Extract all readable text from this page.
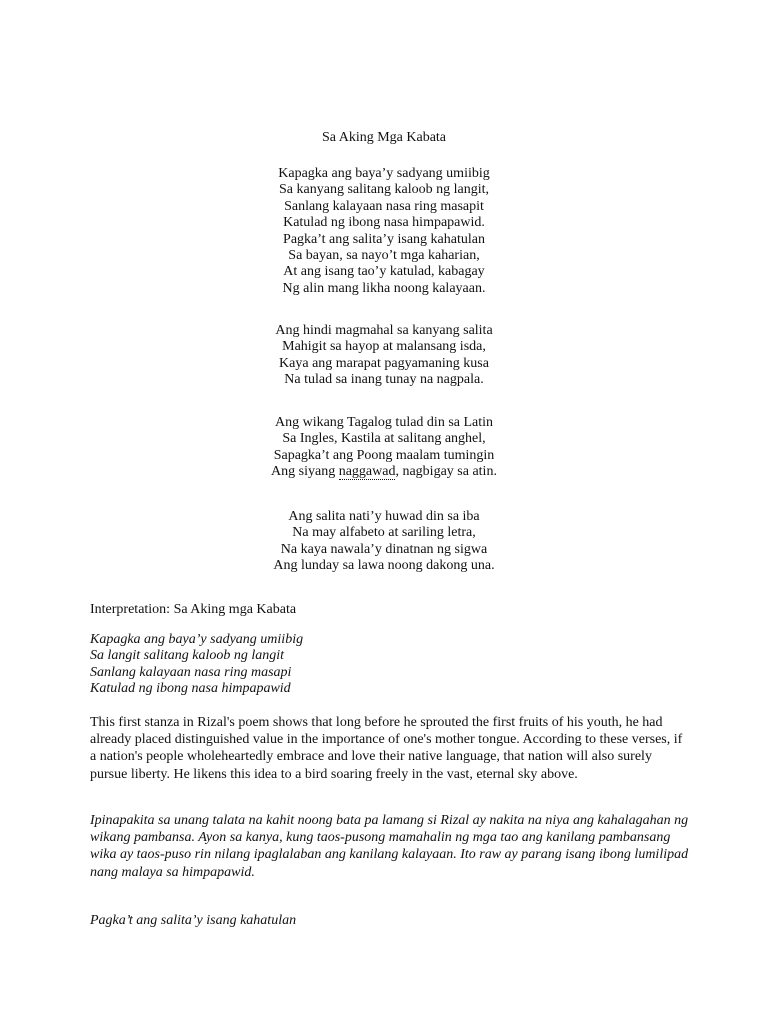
Sa Aking Mga Kabata
Kapagka ang baya’y sadyang umiibig
Sa kanyang salitang kaloob ng langit,
Sanlang kalayaan nasa ring masapit
Katulad ng ibong nasa himpapawid.
Pagka’t ang salita’y isang kahatulan
Sa bayan, sa nayo’t mga kaharian,
At ang isang tao’y katulad, kabagay
Ng alin mang likha noong kalayaan.
Ang hindi magmahal sa kanyang salita
Mahigit sa hayop at malansang isda,
Kaya ang marapat pagyamaning kusa
Na tulad sa inang tunay na nagpala.
Ang wikang Tagalog tulad din sa Latin
Sa Ingles, Kastila at salitang anghel,
Sapagka’t ang Poong maalam tumingin
Ang siyang naggawad, nagbigay sa atin.
Ang salita nati’y huwad din sa iba
Na may alfabeto at sariling letra,
Na kaya nawala’y dinatnan ng sigwa
Ang lunday sa lawa noong dakong una.
Interpretation: Sa Aking mga Kabata
Kapagka ang baya’y sadyang umiibig
Sa langit salitang kaloob ng langit
Sanlang kalayaan nasa ring masapi
Katulad ng ibong nasa himpapawid
This first stanza in Rizal's poem shows that long before he sprouted the first fruits of his youth, he had already placed distinguished value in the importance of one's mother tongue. According to these verses, if a nation's people wholeheartedly embrace and love their native language, that nation will also surely pursue liberty. He likens this idea to a bird soaring freely in the vast, eternal sky above.
Ipinapakita sa unang talata na kahit noong bata pa lamang si Rizal ay nakita na niya ang kahalagahan ng wikang pambansa. Ayon sa kanya, kung taos-pusong mamahalin ng mga tao ang kanilang pambansang wika ay taos-puso rin nilang ipaglalaban ang kanilang kalayaan. Ito raw ay parang isang ibong lumilipad nang malaya sa himpapawid.
Pagka’t ang salita’y isang kahatulan
